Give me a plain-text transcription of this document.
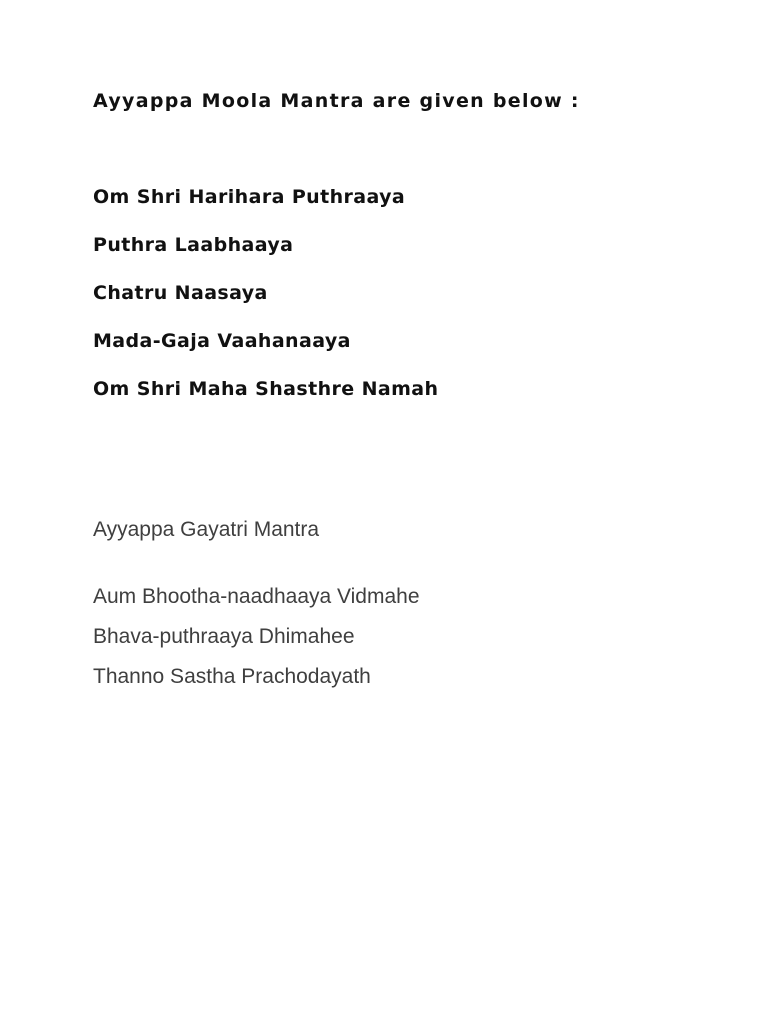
Ayyappa Moola Mantra are given below :

Om Shri Harihara Puthraaya

Puthra Laabhaaya

Chatru Naasaya

Mada-Gaja Vaahanaaya

Om Shri Maha Shasthre Namah

Ayyappa Gayatri Mantra

Aum Bhootha-naadhaaya Vidmahe

Bhava-puthraaya Dhimahee

Thanno Sastha Prachodayath
